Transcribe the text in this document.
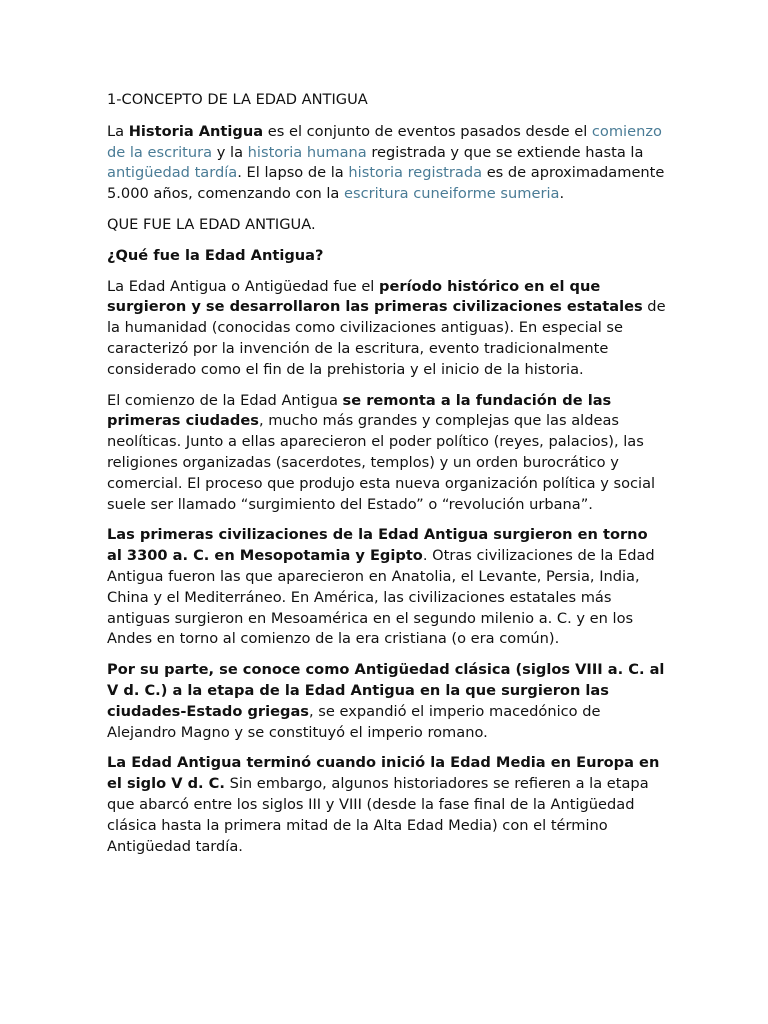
1-CONCEPTO DE LA EDAD ANTIGUA

La Historia Antigua es el conjunto de eventos pasados desde el comienzo de la escritura y la historia humana registrada y que se extiende hasta la antigüedad tardía. El lapso de la historia registrada es de aproximadamente 5.000 años, comenzando con la escritura cuneiforme sumeria.

QUE FUE LA EDAD ANTIGUA.

¿Qué fue la Edad Antigua?

La Edad Antigua o Antigüedad fue el período histórico en el que surgieron y se desarrollaron las primeras civilizaciones estatales de la humanidad (conocidas como civilizaciones antiguas). En especial se caracterizó por la invención de la escritura, evento tradicionalmente considerado como el fin de la prehistoria y el inicio de la historia.

El comienzo de la Edad Antigua se remonta a la fundación de las primeras ciudades, mucho más grandes y complejas que las aldeas neolíticas. Junto a ellas aparecieron el poder político (reyes, palacios), las religiones organizadas (sacerdotes, templos) y un orden burocrático y comercial. El proceso que produjo esta nueva organización política y social suele ser llamado “surgimiento del Estado” o “revolución urbana”.

Las primeras civilizaciones de la Edad Antigua surgieron en torno al 3300 a. C. en Mesopotamia y Egipto. Otras civilizaciones de la Edad Antigua fueron las que aparecieron en Anatolia, el Levante, Persia, India, China y el Mediterráneo. En América, las civilizaciones estatales más antiguas surgieron en Mesoamérica en el segundo milenio a. C. y en los Andes en torno al comienzo de la era cristiana (o era común).

Por su parte, se conoce como Antigüedad clásica (siglos VIII a. C. al V d. C.) a la etapa de la Edad Antigua en la que surgieron las ciudades-Estado griegas, se expandió el imperio macedónico de Alejandro Magno y se constituyó el imperio romano.

La Edad Antigua terminó cuando inició la Edad Media en Europa en el siglo V d. C. Sin embargo, algunos historiadores se refieren a la etapa que abarcó entre los siglos III y VIII (desde la fase final de la Antigüedad clásica hasta la primera mitad de la Alta Edad Media) con el término Antigüedad tardía.
